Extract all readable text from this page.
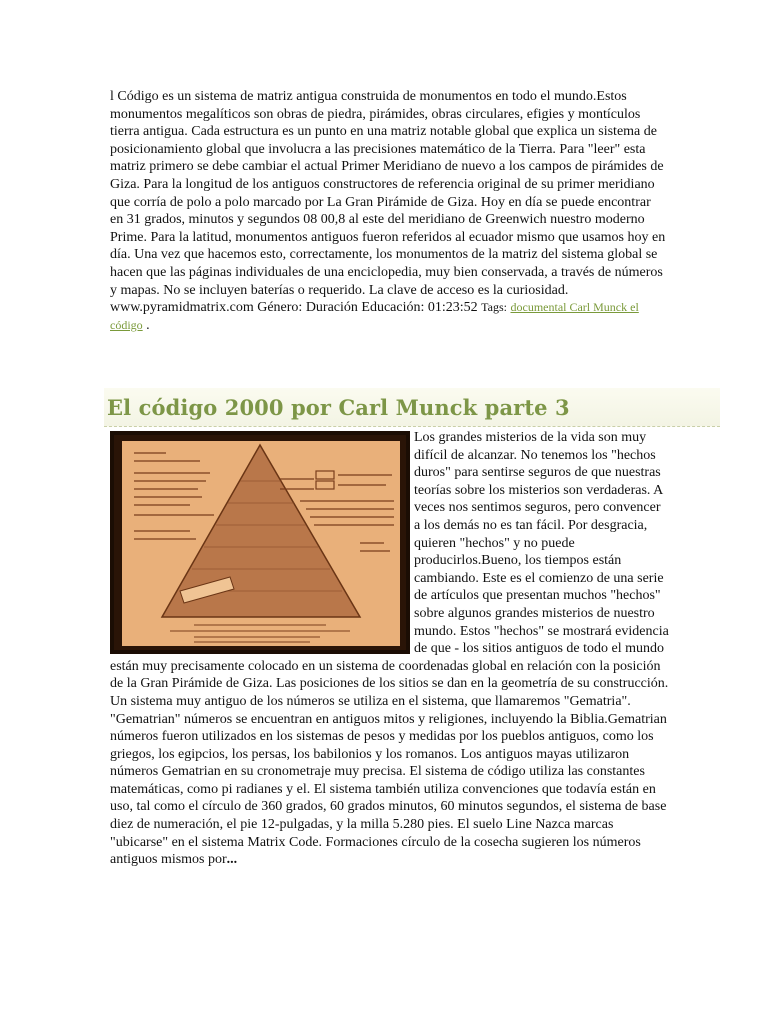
l Código es un sistema de matriz antigua construida de monumentos en todo el mundo.Estos monumentos megalíticos son obras de piedra, pirámides, obras circulares, efigies y montículos tierra antigua. Cada estructura es un punto en una matriz notable global que explica un sistema de posicionamiento global que involucra a las precisiones matemático de la Tierra. Para "leer" esta matriz primero se debe cambiar el actual Primer Meridiano de nuevo a los campos de pirámides de Giza. Para la longitud de los antiguos constructores de referencia original de su primer meridiano que corría de polo a polo marcado por La Gran Pirámide de Giza. Hoy en día se puede encontrar en 31 grados, minutos y segundos 08 00,8 al este del meridiano de Greenwich nuestro moderno Prime. Para la latitud, monumentos antiguos fueron referidos al ecuador mismo que usamos hoy en día. Una vez que hacemos esto, correctamente, los monumentos de la matriz del sistema global se hacen que las páginas individuales de una enciclopedia, muy bien conservada, a través de números y mapas. No se incluyen baterías o requerido. La clave de acceso es la curiosidad. www.pyramidmatrix.com Género: Duración Educación: 01:23:52 Tags: documental Carl Munck el código .

El código 2000 por Carl Munck parte 3
Los grandes misterios de la vida son muy difícil de alcanzar. No tenemos los "hechos duros" para sentirse seguros de que nuestras teorías sobre los misterios son verdaderas. A veces nos sentimos seguros, pero convencer a los demás no es tan fácil. Por desgracia, quieren "hechos" y no puede producirlos.Bueno, los tiempos están cambiando. Este es el comienzo de una serie de artículos que presentan muchos "hechos" sobre algunos grandes misterios de nuestro mundo. Estos "hechos" se mostrará evidencia de que - los sitios antiguos de todo el mundo están muy precisamente colocado en un sistema de coordenadas global en relación con la posición de la Gran Pirámide de Giza. Las posiciones de los sitios se dan en la geometría de su construcción. Un sistema muy antiguo de los números se utiliza en el sistema, que llamaremos "Gematria". "Gematrian" números se encuentran en antiguos mitos y religiones, incluyendo la Biblia.Gematrian números fueron utilizados en los sistemas de pesos y medidas por los pueblos antiguos, como los griegos, los egipcios, los persas, los babilonios y los romanos. Los antiguos mayas utilizaron números Gematrian en su cronometraje muy precisa. El sistema de código utiliza las constantes matemáticas, como pi radianes y el. El sistema también utiliza convenciones que todavía están en uso, tal como el círculo de 360 grados, 60 grados minutos, 60 minutos segundos, el sistema de base diez de numeración, el pie 12-pulgadas, y la milla 5.280 pies. El suelo Line Nazca marcas "ubicarse" en el sistema Matrix Code. Formaciones círculo de la cosecha sugieren los números antiguos mismos por...
